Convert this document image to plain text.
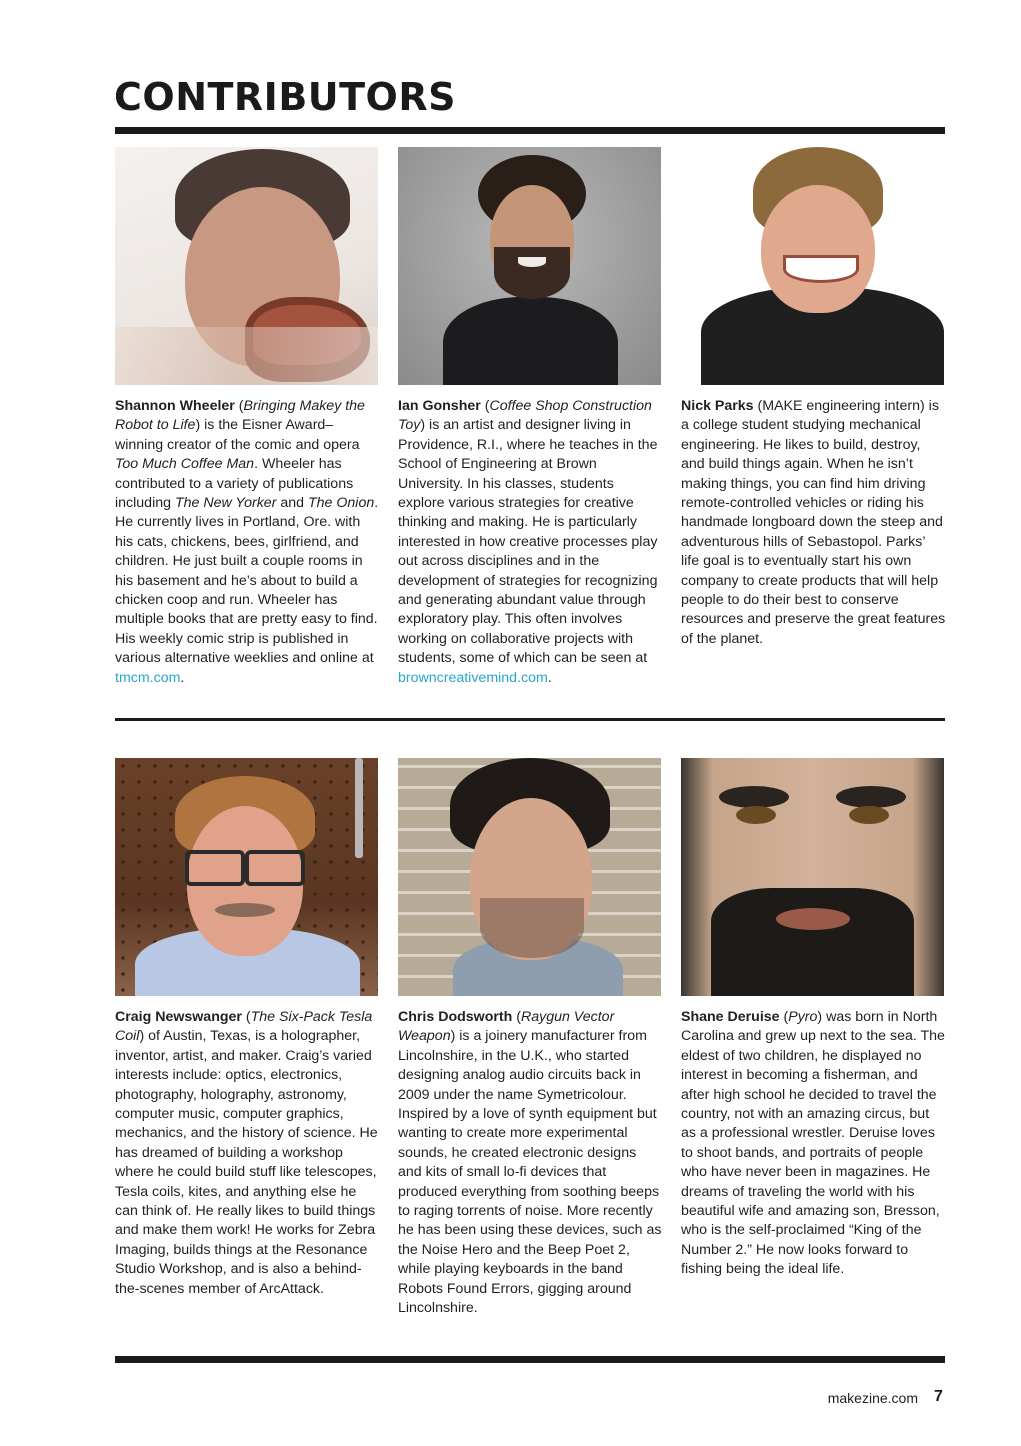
CONTRIBUTORS
Shannon Wheeler (Bringing Makey the Robot to Life) is the Eisner Award–winning creator of the comic and opera Too Much Coffee Man. Wheeler has contributed to a variety of publications including The New Yorker and The Onion. He currently lives in Portland, Ore. with his cats, chickens, bees, girlfriend, and children. He just built a couple rooms in his basement and he’s about to build a chicken coop and run. Wheeler has multiple books that are pretty easy to find. His weekly comic strip is published in various alternative weeklies and online at tmcm.com.
Ian Gonsher (Coffee Shop Construction Toy) is an artist and designer living in Providence, R.I., where he teaches in the School of Engineering at Brown University. In his classes, students explore various strategies for creative thinking and making. He is particularly interested in how creative processes play out across disciplines and in the development of strategies for recognizing and generating abundant value through exploratory play. This often involves working on collaborative projects with students, some of which can be seen at browncreativemind.com.
Nick Parks (MAKE engineering intern) is a college student studying mechanical engineering. He likes to build, destroy, and build things again. When he isn’t making things, you can find him driving remote-controlled vehicles or riding his handmade longboard down the steep and adventurous hills of Sebastopol. Parks’ life goal is to eventually start his own company to create products that will help people to do their best to conserve resources and preserve the great features of the planet.
Craig Newswanger (The Six-Pack Tesla Coil) of Austin, Texas, is a holographer, inventor, artist, and maker. Craig’s varied interests include: optics, electronics, photography, holography, astronomy, computer music, computer graphics, mechanics, and the history of science. He has dreamed of building a workshop where he could build stuff like telescopes, Tesla coils, kites, and anything else he can think of. He really likes to build things and make them work! He works for Zebra Imaging, builds things at the Resonance Studio Workshop, and is also a behind-the-scenes member of ArcAttack.
Chris Dodsworth (Raygun Vector Weapon) is a joinery manufacturer from Lincolnshire, in the U.K., who started designing analog audio circuits back in 2009 under the name Symetricolour. Inspired by a love of synth equipment but wanting to create more experimental sounds, he created electronic designs and kits of small lo-fi devices that produced everything from soothing beeps to raging torrents of noise. More recently he has been using these devices, such as the Noise Hero and the Beep Poet 2, while playing keyboards in the band Robots Found Errors, gigging around Lincolnshire.
Shane Deruise (Pyro) was born in North Carolina and grew up next to the sea. The eldest of two children, he displayed no interest in becoming a fisherman, and after high school he decided to travel the country, not with an amazing circus, but as a professional wrestler. Deruise loves to shoot bands, and portraits of people who have never been in magazines. He dreams of traveling the world with his beautiful wife and amazing son, Bresson, who is the self-proclaimed “King of the Number 2.” He now looks forward to fishing being the ideal life.
makezine.com 7
